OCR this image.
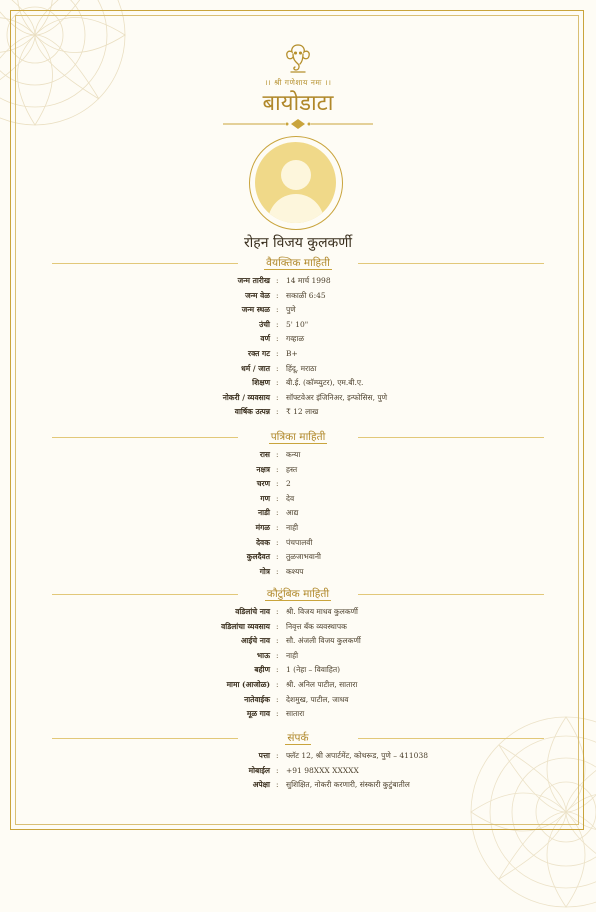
।। श्री गणेशाय नमः ।।
बायोडाटा
रोहन विजय कुलकर्णी
वैयक्तिक माहिती
जन्म तारीख : 14 मार्च 1998
जन्म वेळ : सकाळी 6:45
जन्म स्थळ : पुणे
उंची : 5' 10"
वर्ण : गव्हाळ
रक्त गट : B+
धर्म / जात : हिंदू, मराठा
शिक्षण : बी.ई. (कॉम्प्युटर), एम.बी.ए.
नोकरी / व्यवसाय : सॉफ्टवेअर इंजिनिअर, इन्फोसिस, पुणे
वार्षिक उत्पन्न : ₹ 12 लाख
पत्रिका माहिती
रास : कन्या
नक्षत्र : हस्त
चरण : 2
गण : देव
नाडी : आद्य
मंगळ : नाही
देवक : पंचपालवी
कुलदैवत : तुळजाभवानी
गोत्र : कश्यप
कौटुंबिक माहिती
वडिलांचे नाव : श्री. विजय माधव कुलकर्णी
वडिलांचा व्यवसाय : निवृत्त बँक व्यवस्थापक
आईचे नाव : सौ. अंजली विजय कुलकर्णी
भाऊ : नाही
बहीण : 1 (नेहा – विवाहित)
मामा (आजोळ) : श्री. अनिल पाटील, सातारा
नातेवाईक : देशमुख, पाटील, जाधव
मूळ गाव : सातारा
संपर्क
पत्ता : फ्लॅट 12, श्री अपार्टमेंट, कोथरूड, पुणे – 411038
मोबाईल : +91 98XXX XXXXX
अपेक्षा : सुशिक्षित, नोकरी करणारी, संस्कारी कुटुंबातील
